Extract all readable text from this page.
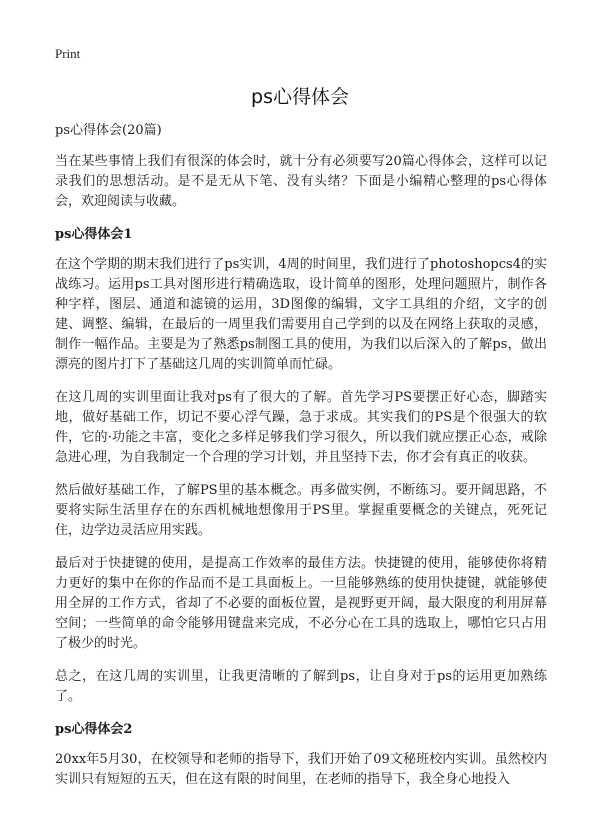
Print
ps心得体会
ps心得体会(20篇)

当在某些事情上我们有很深的体会时，就十分有必须要写20篇心得体会，这样可以记录我们的思想活动。是不是无从下笔、没有头绪？下面是小编精心整理的ps心得体会，欢迎阅读与收藏。

ps心得体会1

在这个学期的期末我们进行了ps实训，4周的时间里，我们进行了photoshopcs4的实战练习。运用ps工具对图形进行精确选取，设计简单的图形，处理问题照片，制作各种字样，图层、通道和滤镜的运用，3D图像的编辑，文字工具组的介绍，文字的创建、调整、编辑，在最后的一周里我们需要用自己学到的以及在网络上获取的灵感，制作一幅作品。主要是为了熟悉ps制图工具的使用，为我们以后深入的了解ps，做出漂亮的图片打下了基础这几周的实训简单而忙碌。

在这几周的实训里面让我对ps有了很大的了解。首先学习PS要摆正好心态，脚踏实地，做好基础工作，切记不要心浮气躁，急于求成。其实我们的PS是个很强大的软件，它的·功能之丰富，变化之多样足够我们学习很久，所以我们就应摆正心态，戒除急进心理，为自我制定一个合理的学习计划，并且坚持下去，你才会有真正的收获。

然后做好基础工作，了解PS里的基本概念。再多做实例，不断练习。要开阔思路，不要将实际生活里存在的东西机械地想像用于PS里。掌握重要概念的关键点，死死记住，边学边灵活应用实践。

最后对于快捷键的使用，是提高工作效率的最佳方法。快捷键的使用，能够使你将精力更好的集中在你的作品而不是工具面板上。一旦能够熟练的使用快捷键，就能够使用全屏的工作方式，省却了不必要的面板位置，是视野更开阔，最大限度的利用屏幕空间；一些简单的命令能够用键盘来完成，不必分心在工具的选取上，哪怕它只占用了极少的时光。

总之，在这几周的实训里，让我更清晰的了解到ps，让自身对于ps的运用更加熟练了。

ps心得体会2

20xx年5月30，在校领导和老师的指导下，我们开始了09文秘班校内实训。虽然校内实训只有短短的五天，但在这有限的时间里，在老师的指导下，我全身心地投入
